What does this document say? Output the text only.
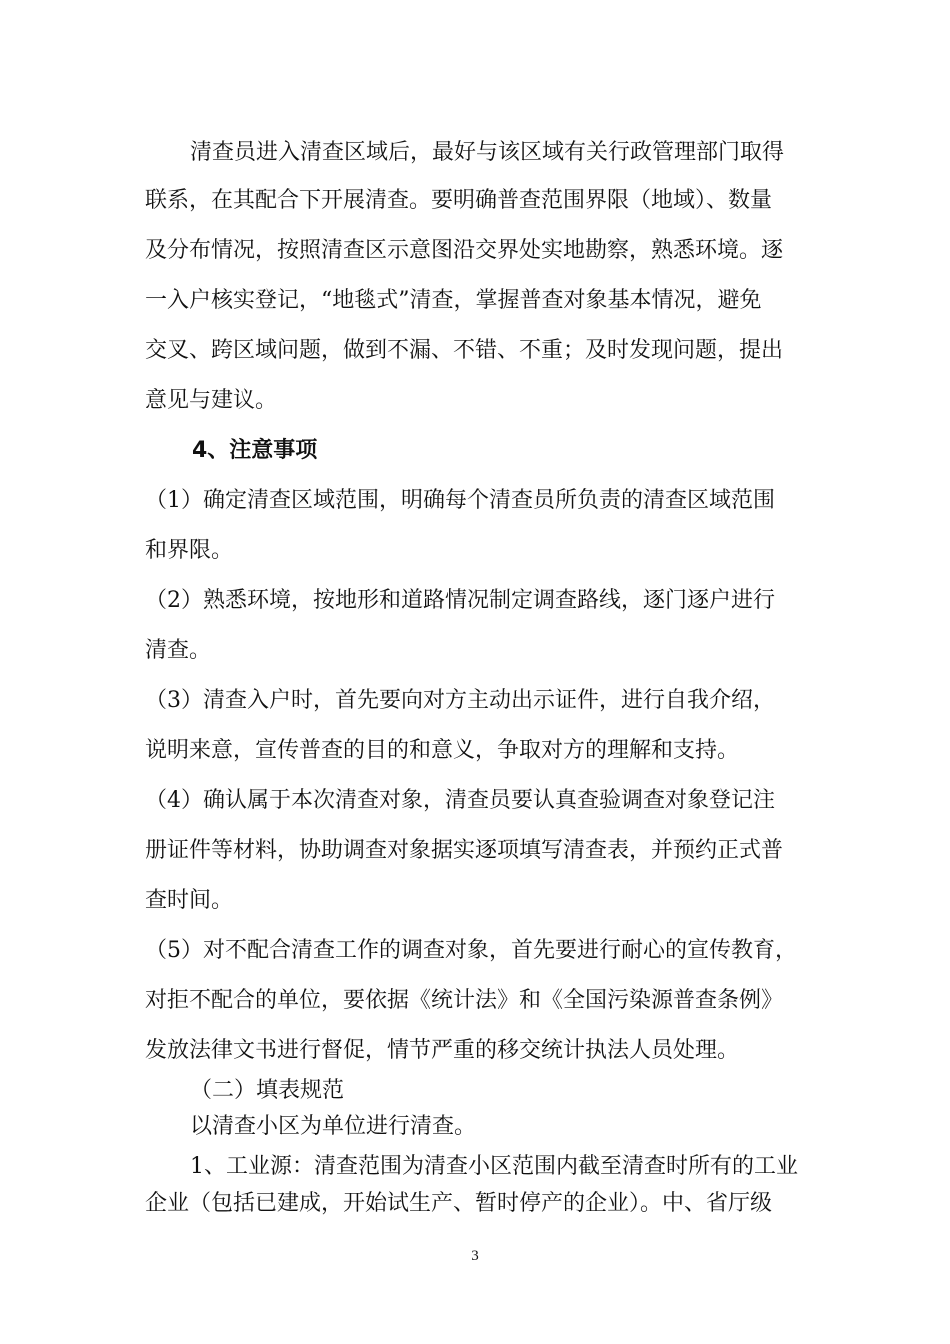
清查员进入清查区域后，最好与该区域有关行政管理部门取得
联系，在其配合下开展清查。要明确普查范围界限（地域）、数量
及分布情况，按照清查区示意图沿交界处实地勘察，熟悉环境。逐
一入户核实登记，“地毯式”清查，掌握普查对象基本情况，避免
交叉、跨区域问题，做到不漏、不错、不重；及时发现问题，提出
意见与建议。
4、注意事项
（1）确定清查区域范围，明确每个清查员所负责的清查区域范围
和界限。
（2）熟悉环境，按地形和道路情况制定调查路线，逐门逐户进行
清查。
（3）清查入户时，首先要向对方主动出示证件，进行自我介绍，
说明来意，宣传普查的目的和意义，争取对方的理解和支持。
（4）确认属于本次清查对象，清查员要认真查验调查对象登记注
册证件等材料，协助调查对象据实逐项填写清查表，并预约正式普
查时间。
（5）对不配合清查工作的调查对象，首先要进行耐心的宣传教育，
对拒不配合的单位，要依据《统计法》和《全国污染源普查条例》
发放法律文书进行督促，情节严重的移交统计执法人员处理。
（二）填表规范
以清查小区为单位进行清查。
1、工业源：清查范围为清查小区范围内截至清查时所有的工业
企业（包括已建成，开始试生产、暂时停产的企业）。中、省厅级
3
